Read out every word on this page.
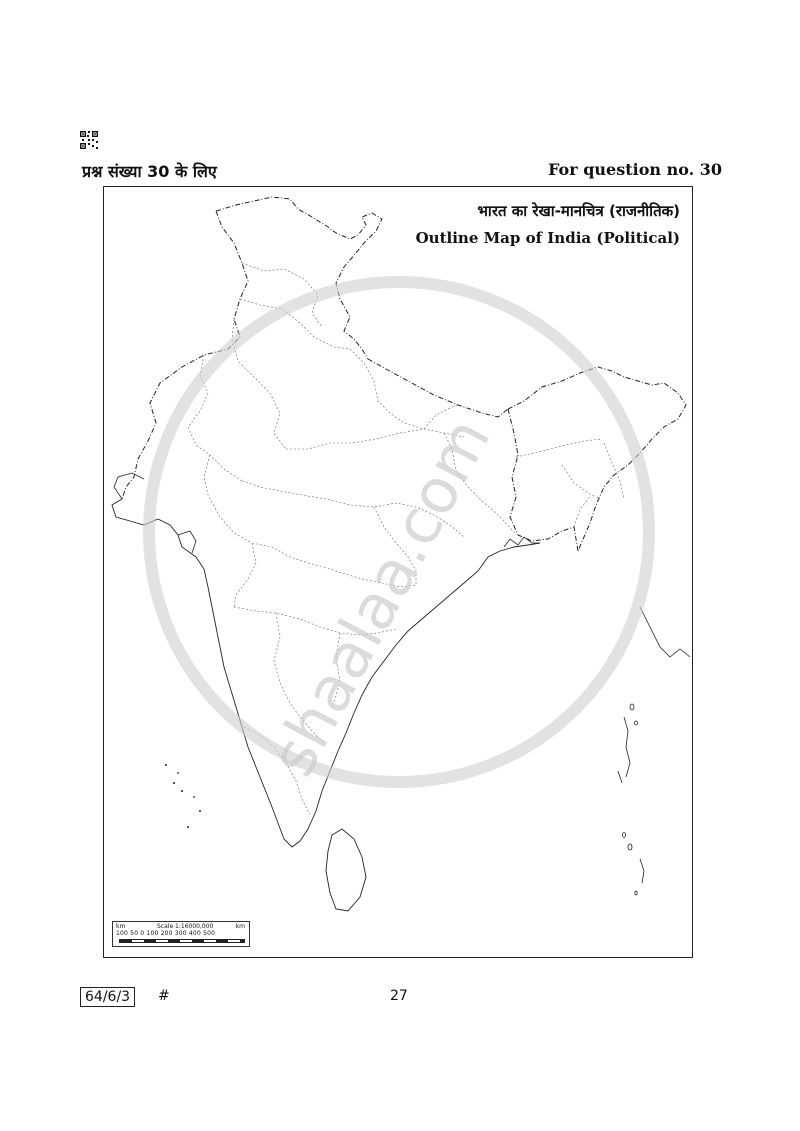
प्रश्न संख्या 30 के लिए	For question no. 30
shaalaa.com
भारत का रेखा-मानचित्र (राजनीतिक)
Outline Map of India (Political)
km	Scale 1:16000,000	km
100 50 0 100 200 300 400 500
64/6/3	#	27
